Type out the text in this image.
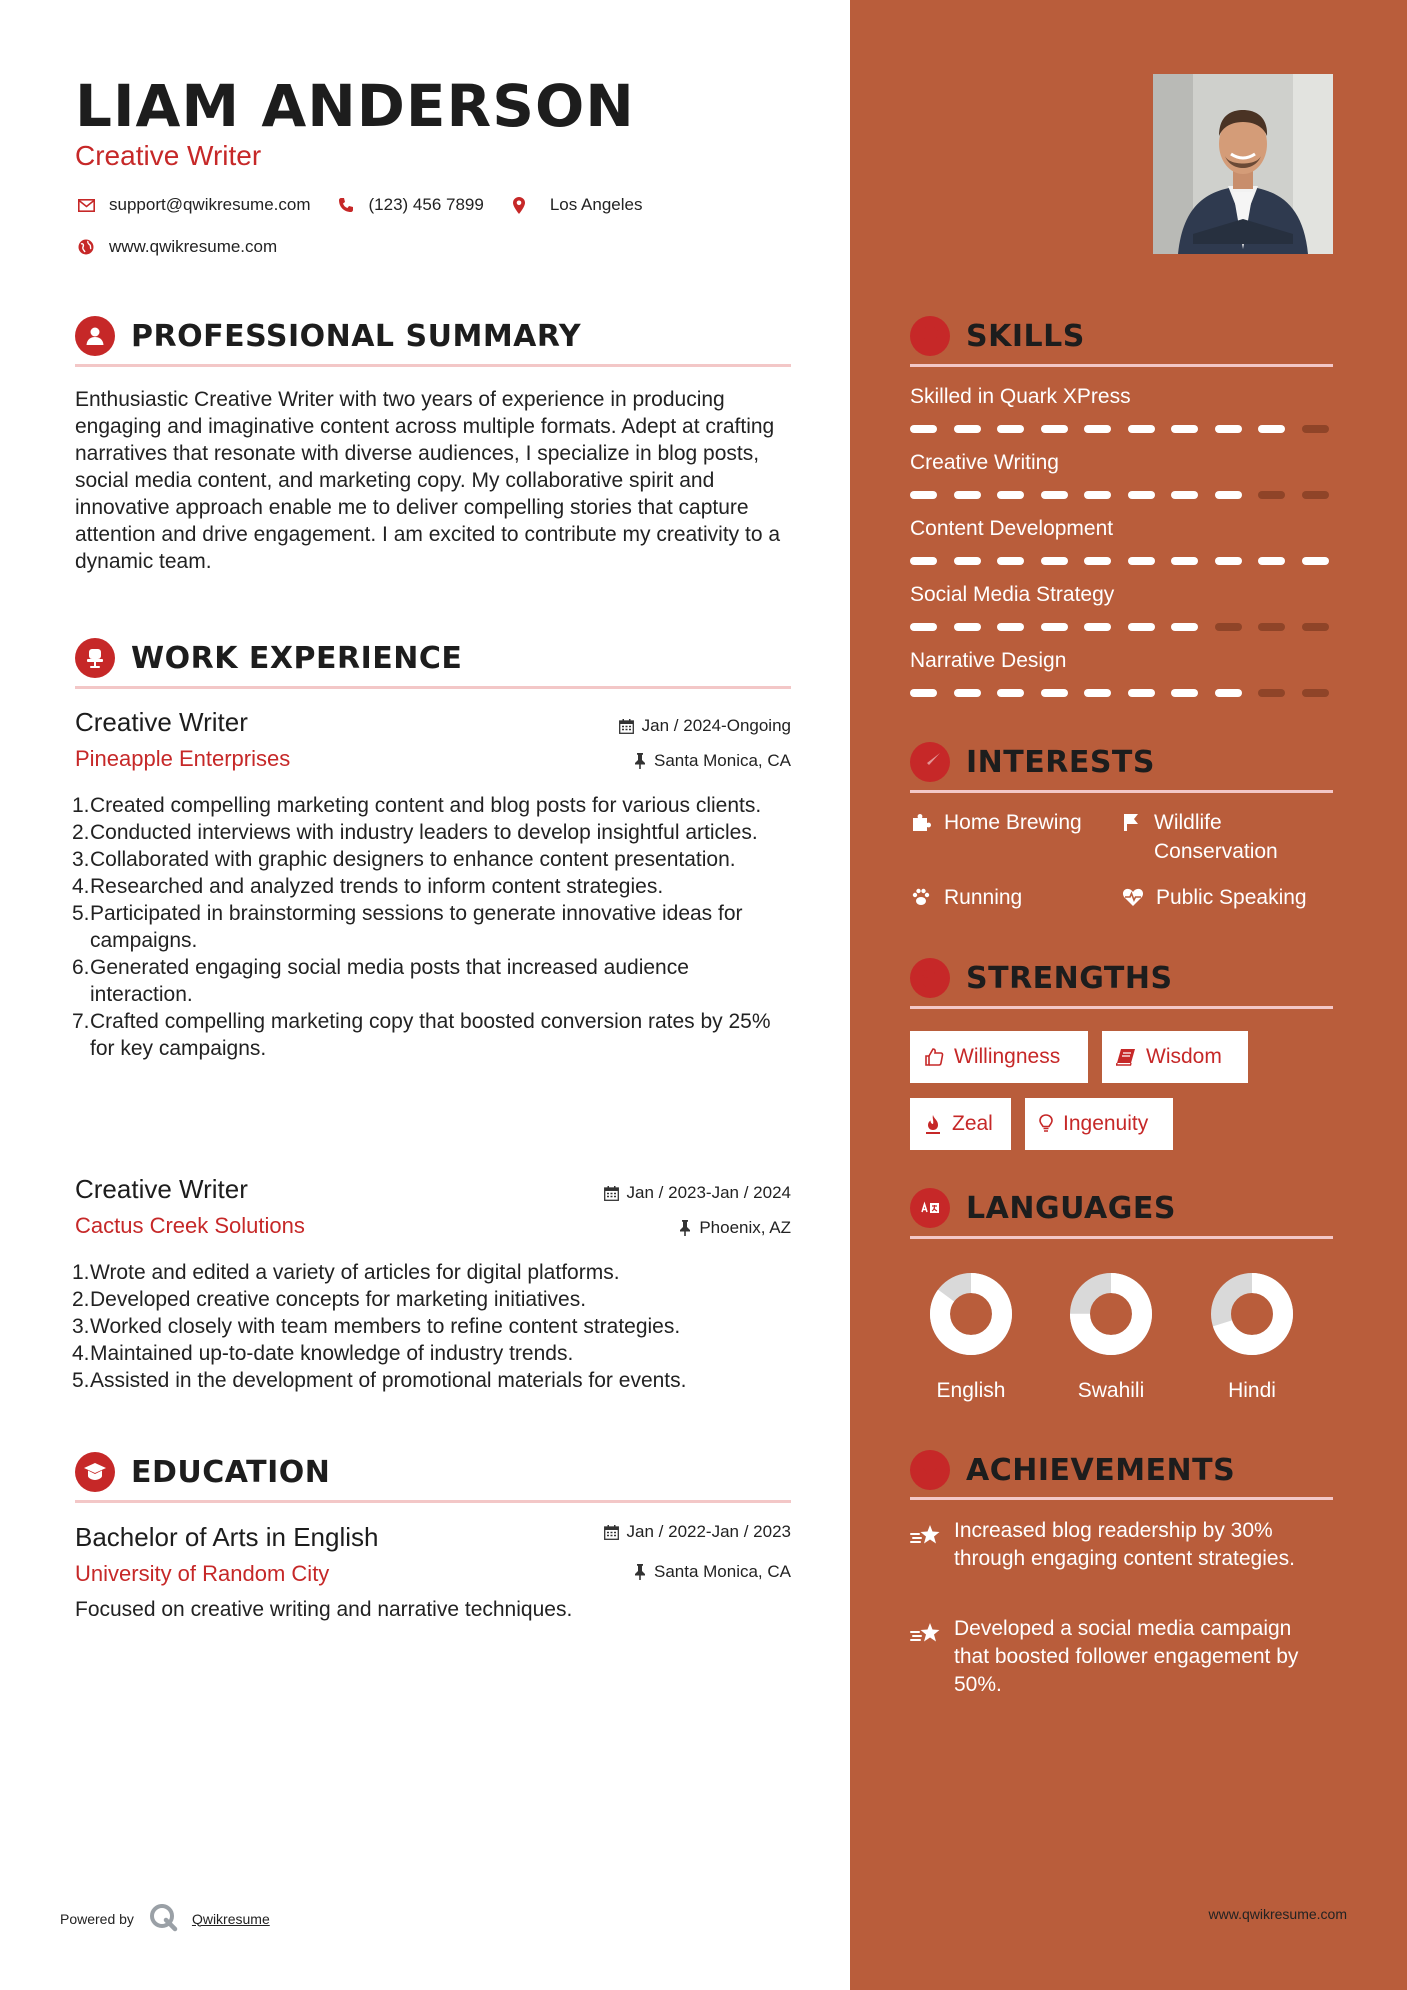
LIAM ANDERSON
Creative Writer
support@qwikresume.com	(123) 456 7899	Los Angeles
www.qwikresume.com
PROFESSIONAL SUMMARY
Enthusiastic Creative Writer with two years of experience in producing engaging and imaginative content across multiple formats. Adept at crafting narratives that resonate with diverse audiences, I specialize in blog posts, social media content, and marketing copy. My collaborative spirit and innovative approach enable me to deliver compelling stories that capture attention and drive engagement. I am excited to contribute my creativity to a dynamic team.
WORK EXPERIENCE
Creative Writer
Pineapple Enterprises
Jan / 2024-Ongoing
Santa Monica, CA
1. Created compelling marketing content and blog posts for various clients.
2. Conducted interviews with industry leaders to develop insightful articles.
3. Collaborated with graphic designers to enhance content presentation.
4. Researched and analyzed trends to inform content strategies.
5. Participated in brainstorming sessions to generate innovative ideas for campaigns.
6. Generated engaging social media posts that increased audience interaction.
7. Crafted compelling marketing copy that boosted conversion rates by 25% for key campaigns.
Creative Writer
Cactus Creek Solutions
Jan / 2023-Jan / 2024
Phoenix, AZ
1. Wrote and edited a variety of articles for digital platforms.
2. Developed creative concepts for marketing initiatives.
3. Worked closely with team members to refine content strategies.
4. Maintained up-to-date knowledge of industry trends.
5. Assisted in the development of promotional materials for events.
EDUCATION
Bachelor of Arts in English
University of Random City
Jan / 2022-Jan / 2023
Santa Monica, CA
Focused on creative writing and narrative techniques.
Powered by	Qwikresume
SKILLS
Skilled in Quark XPress
Creative Writing
Content Development
Social Media Strategy
Narrative Design
INTERESTS
Home Brewing	Wildlife Conservation
Running	Public Speaking
STRENGTHS
Willingness	Wisdom
Zeal	Ingenuity
LANGUAGES
English	Swahili	Hindi
ACHIEVEMENTS
Increased blog readership by 30% through engaging content strategies.
Developed a social media campaign that boosted follower engagement by 50%.
www.qwikresume.com
